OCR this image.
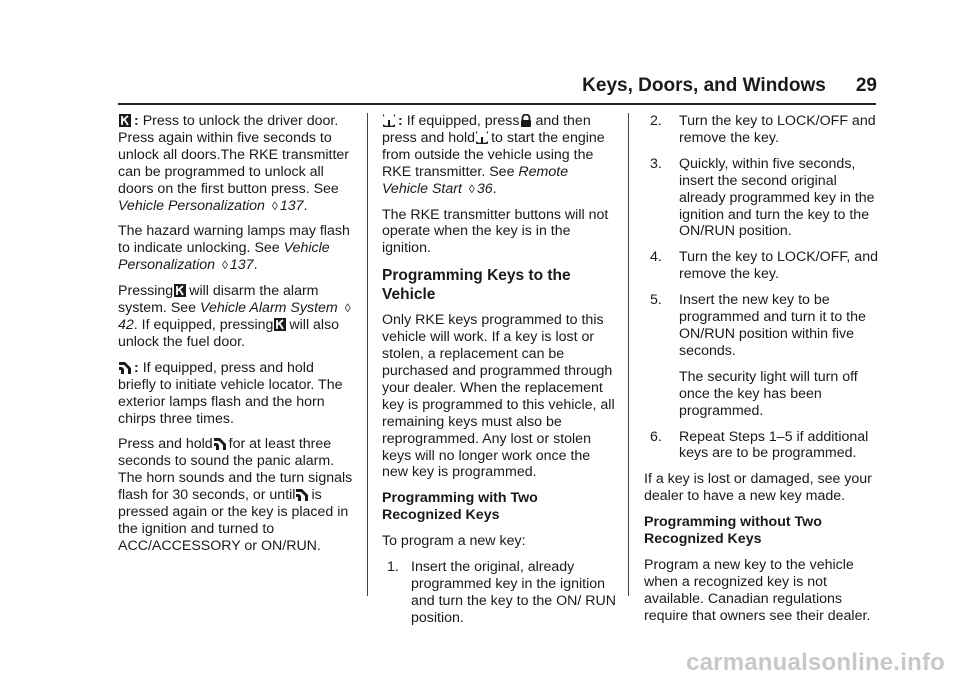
Keys, Doors, and Windows 29

: Press to unlock the driver door. Press again within five seconds to unlock all doors.The RKE transmitter can be programmed to unlock all doors on the first button press. See Vehicle Personalization ◊ 137.

The hazard warning lamps may flash to indicate unlocking. See Vehicle Personalization ◊ 137.

Pressing will disarm the alarm system. See Vehicle Alarm System ◊42. If equipped, pressing will also unlock the fuel door.

: If equipped, press and hold briefly to initiate vehicle locator. The exterior lamps flash and the horn chirps three times.

Press and hold for at least three seconds to sound the panic alarm. The horn sounds and the turn signals flash for 30 seconds, or until is pressed again or the key is placed in the ignition and turned to ACC/ACCESSORY or ON/RUN.

: If equipped, press and then press and hold to start the engine from outside the vehicle using the RKE transmitter. See Remote Vehicle Start ◊ 36.

The RKE transmitter buttons will not operate when the key is in the ignition.

Programming Keys to the Vehicle

Only RKE keys programmed to this vehicle will work. If a key is lost or stolen, a replacement can be purchased and programmed through your dealer. When the replacement key is programmed to this vehicle, all remaining keys must also be reprogrammed. Any lost or stolen keys will no longer work once the new key is programmed.

Programming with Two Recognized Keys

To program a new key:

1. Insert the original, already programmed key in the ignition and turn the key to the ON/ RUN position.
2. Turn the key to LOCK/OFF and remove the key.
3. Quickly, within five seconds, insert the second original already programmed key in the ignition and turn the key to the ON/RUN position.
4. Turn the key to LOCK/OFF, and remove the key.
5. Insert the new key to be programmed and turn it to the ON/RUN position within five seconds.
The security light will turn off once the key has been programmed.
6. Repeat Steps 1–5 if additional keys are to be programmed.

If a key is lost or damaged, see your dealer to have a new key made.

Programming without Two Recognized Keys

Program a new key to the vehicle when a recognized key is not available. Canadian regulations require that owners see their dealer.

carmanualsonline.info
